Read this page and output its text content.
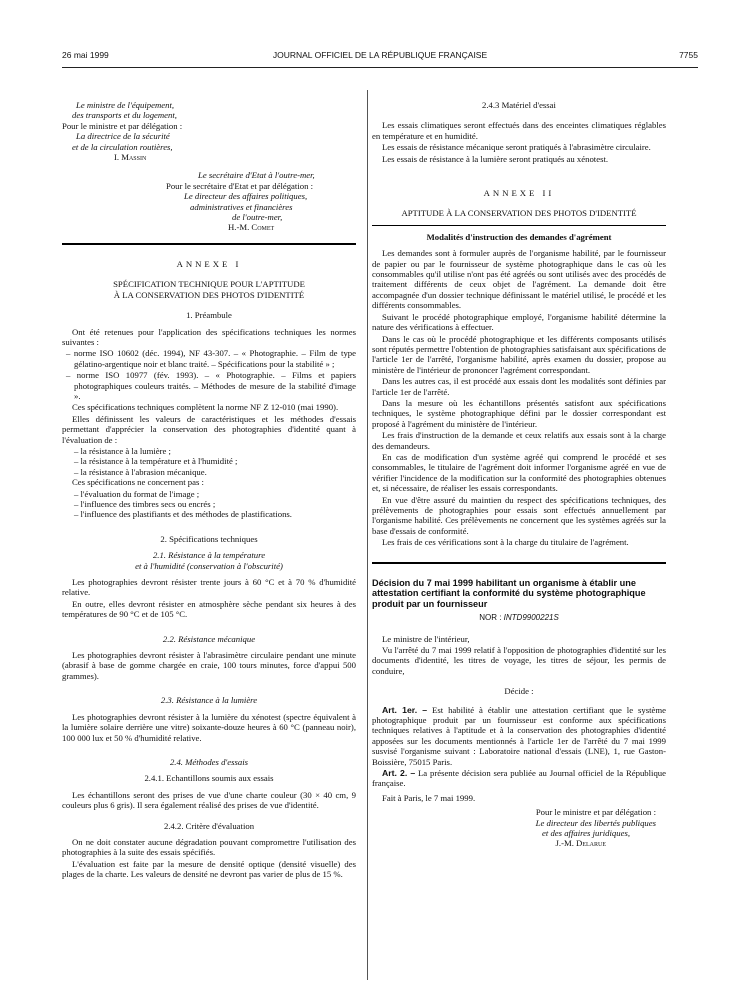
26 mai 1999	JOURNAL OFFICIEL DE LA RÉPUBLIQUE FRANÇAISE	7755
Le ministre de l'équipement,
des transports et du logement,
Pour le ministre et par délégation :
La directrice de la sécurité
et de la circulation routières,
I. Massin
Le secrétaire d'Etat à l'outre-mer,
Pour le secrétaire d'Etat et par délégation :
Le directeur des affaires politiques,
administratives et financières
de l'outre-mer,
H.-M. Comet
ANNEXE I
SPÉCIFICATION TECHNIQUE POUR L'APTITUDE
À LA CONSERVATION DES PHOTOS D'IDENTITÉ
1. Préambule

Ont été retenues pour l'application des spécifications techniques les normes suivantes :

– norme ISO 10602 (déc. 1994), NF 43-307. – « Photographie. – Film de type gélatino-argentique noir et blanc traité. – Spécifications pour la stabilité » ;

– norme ISO 10977 (fév. 1993). – « Photographie. – Films et papiers photographiques couleurs traités. – Méthodes de mesure de la stabilité d'image ».

Ces spécifications techniques complètent la norme NF Z 12-010 (mai 1990).

Elles définissent les valeurs de caractéristiques et les méthodes d'essais permettant d'apprécier la conservation des photographies d'identité quant à l'évaluation de :

– la résistance à la lumière ;
– la résistance à la température et à l'humidité ;
– la résistance à l'abrasion mécanique.

Ces spécifications ne concernent pas :

– l'évaluation du format de l'image ;
– l'influence des timbres secs ou encrés ;
– l'influence des plastifiants et des méthodes de plastifications.
2. Spécifications techniques
2.1. Résistance à la température
et à l'humidité (conservation à l'obscurité)

Les photographies devront résister trente jours à 60 °C et à 70 % d'humidité relative.

En outre, elles devront résister en atmosphère sèche pendant six heures à des températures de 90 °C et de 105 °C.

2.2. Résistance mécanique

Les photographies devront résister à l'abrasimètre circulaire pendant une minute (abrasif à base de gomme chargée en craie, 100 tours minutes, force d'appui 500 grammes).

2.3. Résistance à la lumière

Les photographies devront résister à la lumière du xénotest (spectre équivalent à la lumière solaire derrière une vitre) soixante-douze heures à 60 °C (panneau noir), 100 000 lux et 50 % d'humidité relative.

2.4. Méthodes d'essais
2.4.1. Echantillons soumis aux essais

Les échantillons seront des prises de vue d'une charte couleur (30 × 40 cm, 9 couleurs plus 6 gris). Il sera également réalisé des prises de vue d'identité.

2.4.2. Critère d'évaluation

On ne doit constater aucune dégradation pouvant compromettre l'utilisation des photographies à la suite des essais spécifiés.

L'évaluation est faite par la mesure de densité optique (densité visuelle) des plages de la charte. Les valeurs de densité ne devront pas varier de plus de 15 %.

2.4.3 Matériel d'essai

Les essais climatiques seront effectués dans des enceintes climatiques réglables en température et en humidité.

Les essais de résistance mécanique seront pratiqués à l'abrasimètre circulaire.

Les essais de résistance à la lumière seront pratiqués au xénotest.

ANNEXE II
APTITUDE À LA CONSERVATION DES PHOTOS D'IDENTITÉ
Modalités d'instruction des demandes d'agrément

Les demandes sont à formuler auprès de l'organisme habilité, par le fournisseur de papier ou par le fournisseur de système photographique dans le cas où les consommables qu'il utilise n'ont pas été agréés ou sont utilisés avec des procédés de traitement différents de ceux objet de l'agrément. La demande doit être accompagnée d'un dossier technique définissant le matériel utilisé, le procédé et les différents consommables.

Suivant le procédé photographique employé, l'organisme habilité détermine la nature des vérifications à effectuer.

Dans le cas où le procédé photographique et les différents composants utilisés sont réputés permettre l'obtention de photographies satisfaisant aux spécifications de l'article 1er de l'arrêté, l'organisme habilité, après examen du dossier, propose au ministère de l'intérieur de prononcer l'agrément correspondant.

Dans les autres cas, il est procédé aux essais dont les modalités sont définies par l'article 1er de l'arrêté.

Dans la mesure où les échantillons présentés satisfont aux spécifications techniques, le système photographique défini par le dossier correspondant est proposé à l'agrément du ministère de l'intérieur.

Les frais d'instruction de la demande et ceux relatifs aux essais sont à la charge des demandeurs.

En cas de modification d'un système agréé qui comprend le procédé et ses consommables, le titulaire de l'agrément doit informer l'organisme agréé en vue de vérifier l'incidence de la modification sur la conformité des photographies obtenues et, si nécessaire, de réaliser les essais correspondants.

En vue d'être assuré du maintien du respect des spécifications techniques, des prélèvements de photographies pour essais sont effectués annuellement par l'organisme habilité. Ces prélèvements ne concernent que les systèmes agréés sur la base d'essais de conformité.

Les frais de ces vérifications sont à la charge du titulaire de l'agrément.

Décision du 7 mai 1999 habilitant un organisme à établir une attestation certifiant la conformité du système photographique produit par un fournisseur
NOR : INTD9900221S

Le ministre de l'intérieur,

Vu l'arrêté du 7 mai 1999 relatif à l'opposition de photographies d'identité sur les documents d'identité, les titres de voyage, les titres de séjour, les permis de conduire,

Décide :

Art. 1er. – Est habilité à établir une attestation certifiant que le système photographique produit par un fournisseur est conforme aux spécifications techniques relatives à l'aptitude et à la conservation des photographies d'identité apposées sur les documents mentionnés à l'article 1er de l'arrêté du 7 mai 1999 susvisé l'organisme suivant : Laboratoire national d'essais (LNE), 1, rue Gaston-Boissière, 75015 Paris.

Art. 2. – La présente décision sera publiée au Journal officiel de la République française.

Fait à Paris, le 7 mai 1999.

Pour le ministre et par délégation :
Le directeur des libertés publiques
et des affaires juridiques,
J.-M. Delarue
